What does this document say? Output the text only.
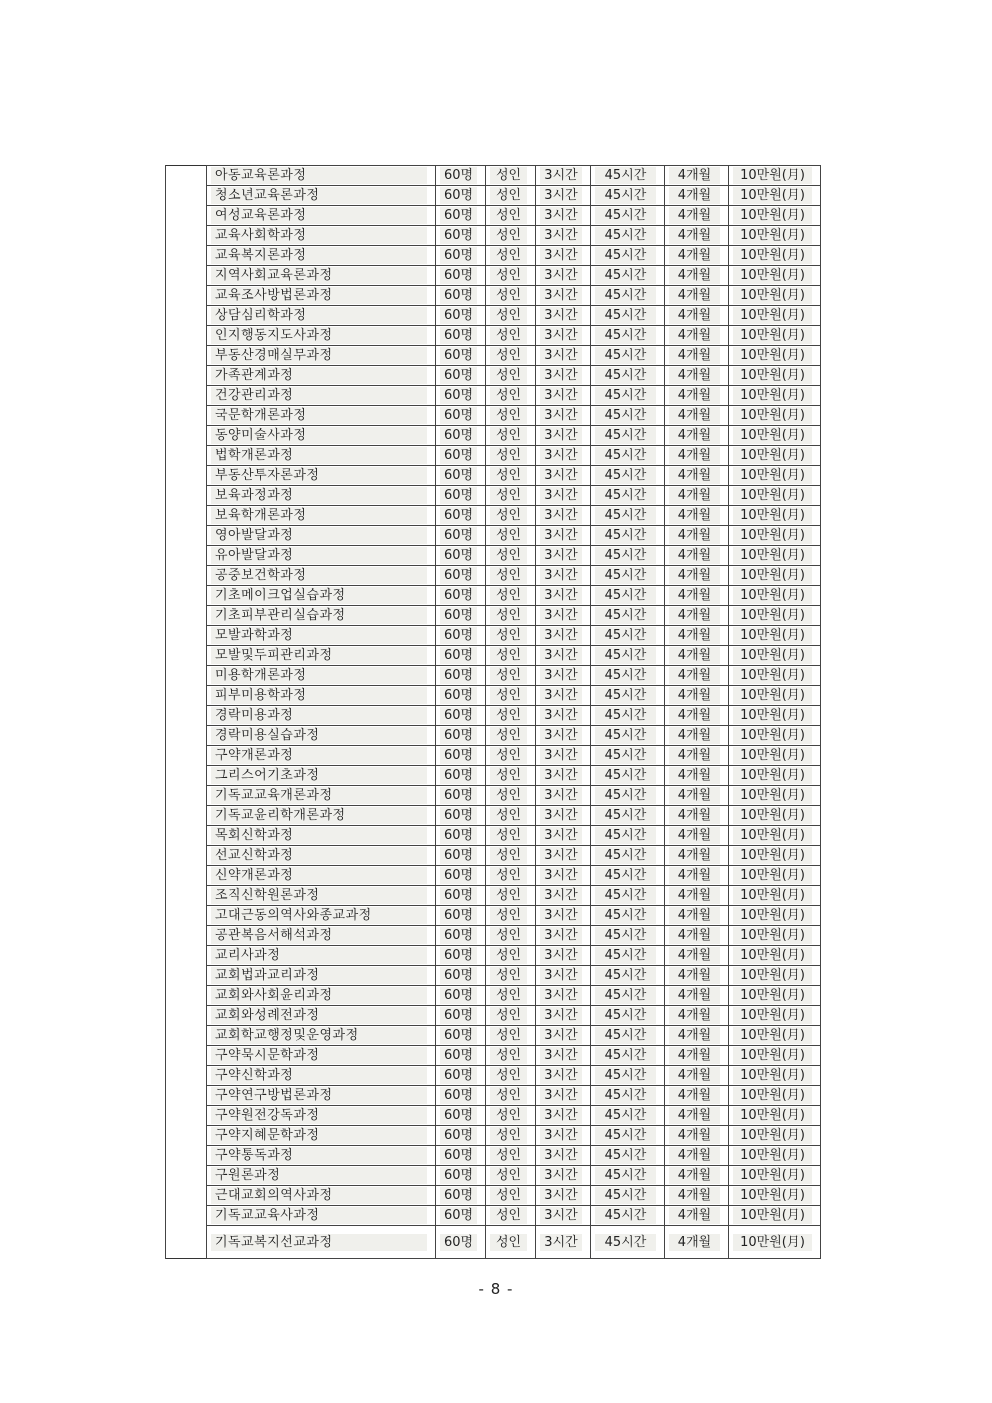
	아동교육론과정	60명	성인	3시간	45시간	4개월	10만원(月)

	청소년교육론과정	60명	성인	3시간	45시간	4개월	10만원(月)

	여성교육론과정	60명	성인	3시간	45시간	4개월	10만원(月)

	교육사회학과정	60명	성인	3시간	45시간	4개월	10만원(月)

	교육복지론과정	60명	성인	3시간	45시간	4개월	10만원(月)

	지역사회교육론과정	60명	성인	3시간	45시간	4개월	10만원(月)

	교육조사방법론과정	60명	성인	3시간	45시간	4개월	10만원(月)

	상담심리학과정	60명	성인	3시간	45시간	4개월	10만원(月)

	인지행동지도사과정	60명	성인	3시간	45시간	4개월	10만원(月)

	부동산경매실무과정	60명	성인	3시간	45시간	4개월	10만원(月)

	가족관계과정	60명	성인	3시간	45시간	4개월	10만원(月)

	건강관리과정	60명	성인	3시간	45시간	4개월	10만원(月)

	국문학개론과정	60명	성인	3시간	45시간	4개월	10만원(月)

	동양미술사과정	60명	성인	3시간	45시간	4개월	10만원(月)

	법학개론과정	60명	성인	3시간	45시간	4개월	10만원(月)

	부동산투자론과정	60명	성인	3시간	45시간	4개월	10만원(月)

	보육과정과정	60명	성인	3시간	45시간	4개월	10만원(月)

	보육학개론과정	60명	성인	3시간	45시간	4개월	10만원(月)

	영아발달과정	60명	성인	3시간	45시간	4개월	10만원(月)

	유아발달과정	60명	성인	3시간	45시간	4개월	10만원(月)

	공중보건학과정	60명	성인	3시간	45시간	4개월	10만원(月)

	기초메이크업실습과정	60명	성인	3시간	45시간	4개월	10만원(月)

	기초피부관리실습과정	60명	성인	3시간	45시간	4개월	10만원(月)

	모발과학과정	60명	성인	3시간	45시간	4개월	10만원(月)

	모발및두피관리과정	60명	성인	3시간	45시간	4개월	10만원(月)

	미용학개론과정	60명	성인	3시간	45시간	4개월	10만원(月)

	피부미용학과정	60명	성인	3시간	45시간	4개월	10만원(月)

	경락미용과정	60명	성인	3시간	45시간	4개월	10만원(月)

	경락미용실습과정	60명	성인	3시간	45시간	4개월	10만원(月)

	구약개론과정	60명	성인	3시간	45시간	4개월	10만원(月)

	그리스어기초과정	60명	성인	3시간	45시간	4개월	10만원(月)

	기독교교육개론과정	60명	성인	3시간	45시간	4개월	10만원(月)

	기독교윤리학개론과정	60명	성인	3시간	45시간	4개월	10만원(月)

	목회신학과정	60명	성인	3시간	45시간	4개월	10만원(月)

	선교신학과정	60명	성인	3시간	45시간	4개월	10만원(月)

	신약개론과정	60명	성인	3시간	45시간	4개월	10만원(月)

	조직신학원론과정	60명	성인	3시간	45시간	4개월	10만원(月)

	고대근동의역사와종교과정	60명	성인	3시간	45시간	4개월	10만원(月)

	공관복음서해석과정	60명	성인	3시간	45시간	4개월	10만원(月)

	교리사과정	60명	성인	3시간	45시간	4개월	10만원(月)

	교회법과교리과정	60명	성인	3시간	45시간	4개월	10만원(月)

	교회와사회윤리과정	60명	성인	3시간	45시간	4개월	10만원(月)

	교회와성례전과정	60명	성인	3시간	45시간	4개월	10만원(月)

	교회학교행정및운영과정	60명	성인	3시간	45시간	4개월	10만원(月)

	구약묵시문학과정	60명	성인	3시간	45시간	4개월	10만원(月)

	구약신학과정	60명	성인	3시간	45시간	4개월	10만원(月)

	구약연구방법론과정	60명	성인	3시간	45시간	4개월	10만원(月)

	구약원전강독과정	60명	성인	3시간	45시간	4개월	10만원(月)

	구약지혜문학과정	60명	성인	3시간	45시간	4개월	10만원(月)

	구약통독과정	60명	성인	3시간	45시간	4개월	10만원(月)

	구원론과정	60명	성인	3시간	45시간	4개월	10만원(月)

	근대교회의역사과정	60명	성인	3시간	45시간	4개월	10만원(月)

	기독교교육사과정	60명	성인	3시간	45시간	4개월	10만원(月)

	기독교복지선교과정	60명	성인	3시간	45시간	4개월	10만원(月)
- 8 -
